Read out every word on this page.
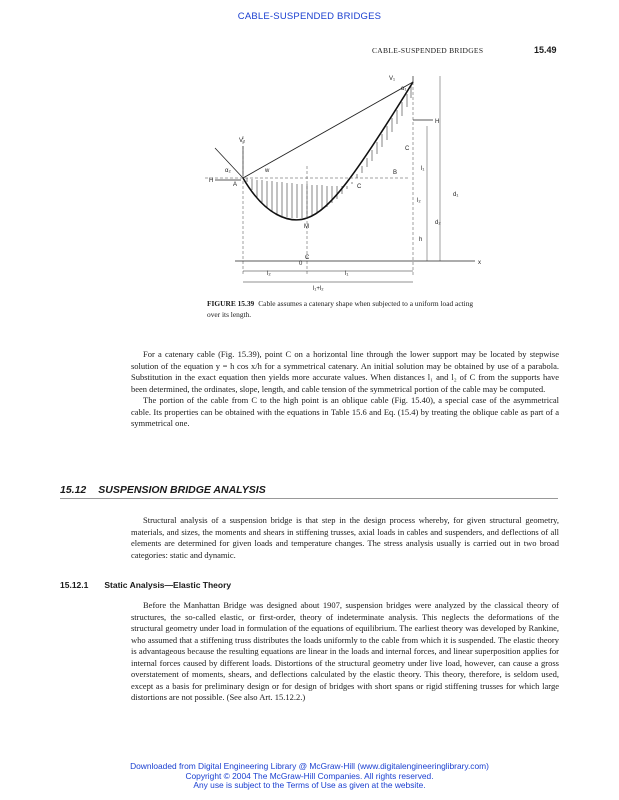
CABLE-SUSPENDED BRIDGES
CABLE-SUSPENDED BRIDGES	15.49
V₁
α₁
H
C
l₁
B
l₂
d₁
d₂
h
H
V₂
α₂
A
w
M
C
C
0	x
l₂	l₁
l₁+l₂
FIGURE 15.39 Cable assumes a catenary shape when subjected to a uniform load acting over its length.

For a catenary cable (Fig. 15.39), point C on a horizontal line through the lower support may be located by stepwise solution of the equation y = h cos x/h for a symmetrical catenary. An initial solution may be obtained by use of a parabola. Substitution in the exact equation then yields more accurate values. When distances l₁ and l₂ of C from the supports have been determined, the ordinates, slope, length, and cable tension of the symmetrical portion of the cable may be computed.

The portion of the cable from C to the high point is an oblique cable (Fig. 15.40), a special case of the asymmetrical cable. Its properties can be obtained with the equations in Table 15.6 and Eq. (15.4) by treating the oblique cable as part of a symmetrical one.

15.12 SUSPENSION BRIDGE ANALYSIS

Structural analysis of a suspension bridge is that step in the design process whereby, for given structural geometry, materials, and sizes, the moments and shears in stiffening trusses, axial loads in cables and suspenders, and deflections of all elements are determined for given loads and temperature changes. The stress analysis usually is carried out in two broad categories: static and dynamic.

15.12.1 Static Analysis—Elastic Theory

Before the Manhattan Bridge was designed about 1907, suspension bridges were analyzed by the classical theory of structures, the so-called elastic, or first-order, theory of indeterminate analysis. This neglects the deformations of the structural geometry under load in formulation of the equations of equilibrium. The earliest theory was developed by Rankine, who assumed that a stiffening truss distributes the loads uniformly to the cable from which it is suspended. The elastic theory is advantageous because the resulting equations are linear in the loads and internal forces, and linear superposition applies for internal forces caused by different loads. Distortions of the structural geometry under live load, however, can cause a gross overstatement of moments, shears, and deflections calculated by the elastic theory. This theory, therefore, is seldom used, except as a basis for preliminary design or for design of bridges with short spans or rigid stiffening trusses for which large distortions are not possible. (See also Art. 15.12.2.)

Downloaded from Digital Engineering Library @ McGraw-Hill (www.digitalengineeringlibrary.com)
Copyright © 2004 The McGraw-Hill Companies. All rights reserved.
Any use is subject to the Terms of Use as given at the website.
